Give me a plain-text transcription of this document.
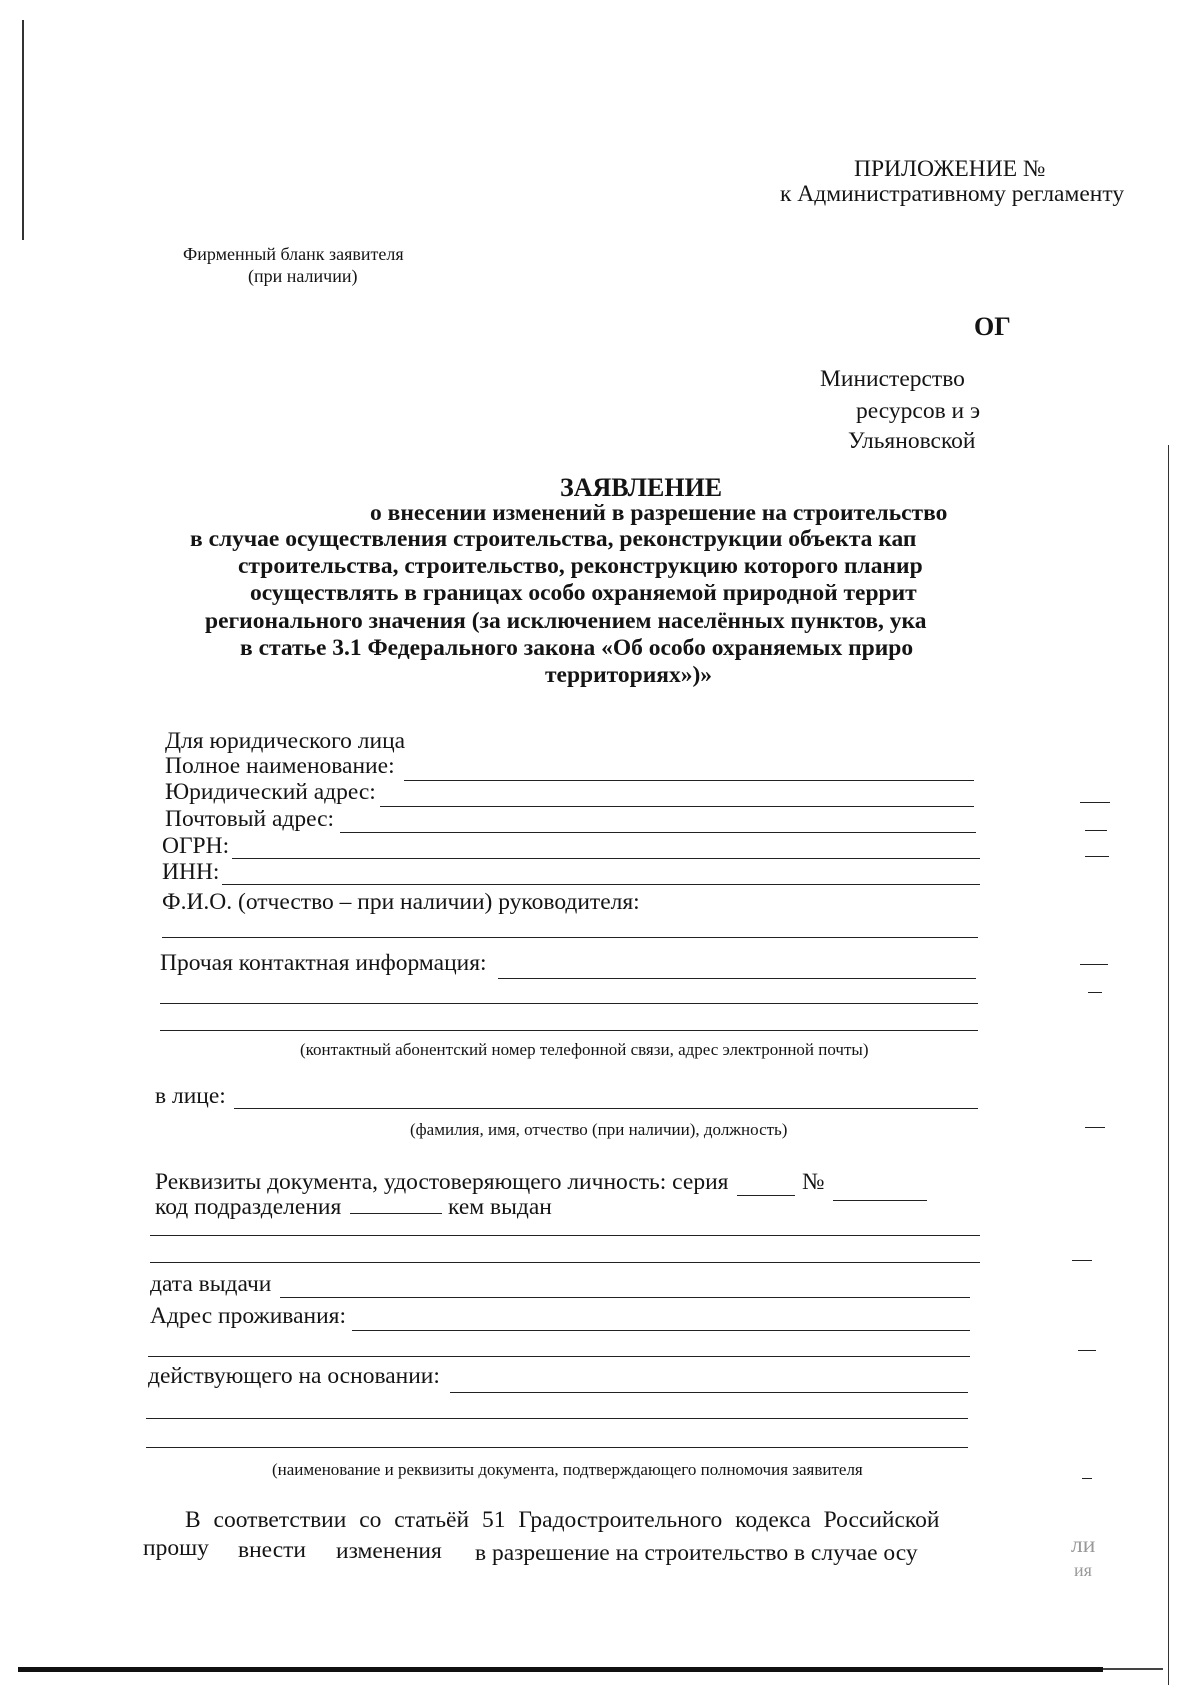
ПРИЛОЖЕНИЕ №
к Административному регламенту
Фирменный бланк заявителя
(при наличии)
ОГ
Министерство
ресурсов и э
Ульяновской
ЗАЯВЛЕНИЕ
о внесении изменений в разрешение на строительство
в случае осуществления строительства, реконструкции объекта кап
строительства, строительство, реконструкцию которого планир
осуществлять в границах особо охраняемой природной террит
регионального значения (за исключением населённых пунктов, ука
в статье 3.1 Федерального закона «Об особо охраняемых приро
территориях»)»
Для юридического лица
Полное наименование:
Юридический адрес:
Почтовый адрес:
ОГРН:
ИНН:
Ф.И.О. (отчество – при наличии) руководителя:
Прочая контактная информация:
(контактный абонентский номер телефонной связи, адрес электронной почты)
в лице:
(фамилия, имя, отчество (при наличии), должность)
Реквизиты документа, удостоверяющего личность: серия	№
код подразделения	кем выдан
дата выдачи
Адрес проживания:
действующего на основании:
(наименование и реквизиты документа, подтверждающего полномочия заявителя
В соответствии со статьёй 51 Градостроительного кодекса Российской
прошу внести изменения в разрешение на строительство в случае осу	ли
ия
